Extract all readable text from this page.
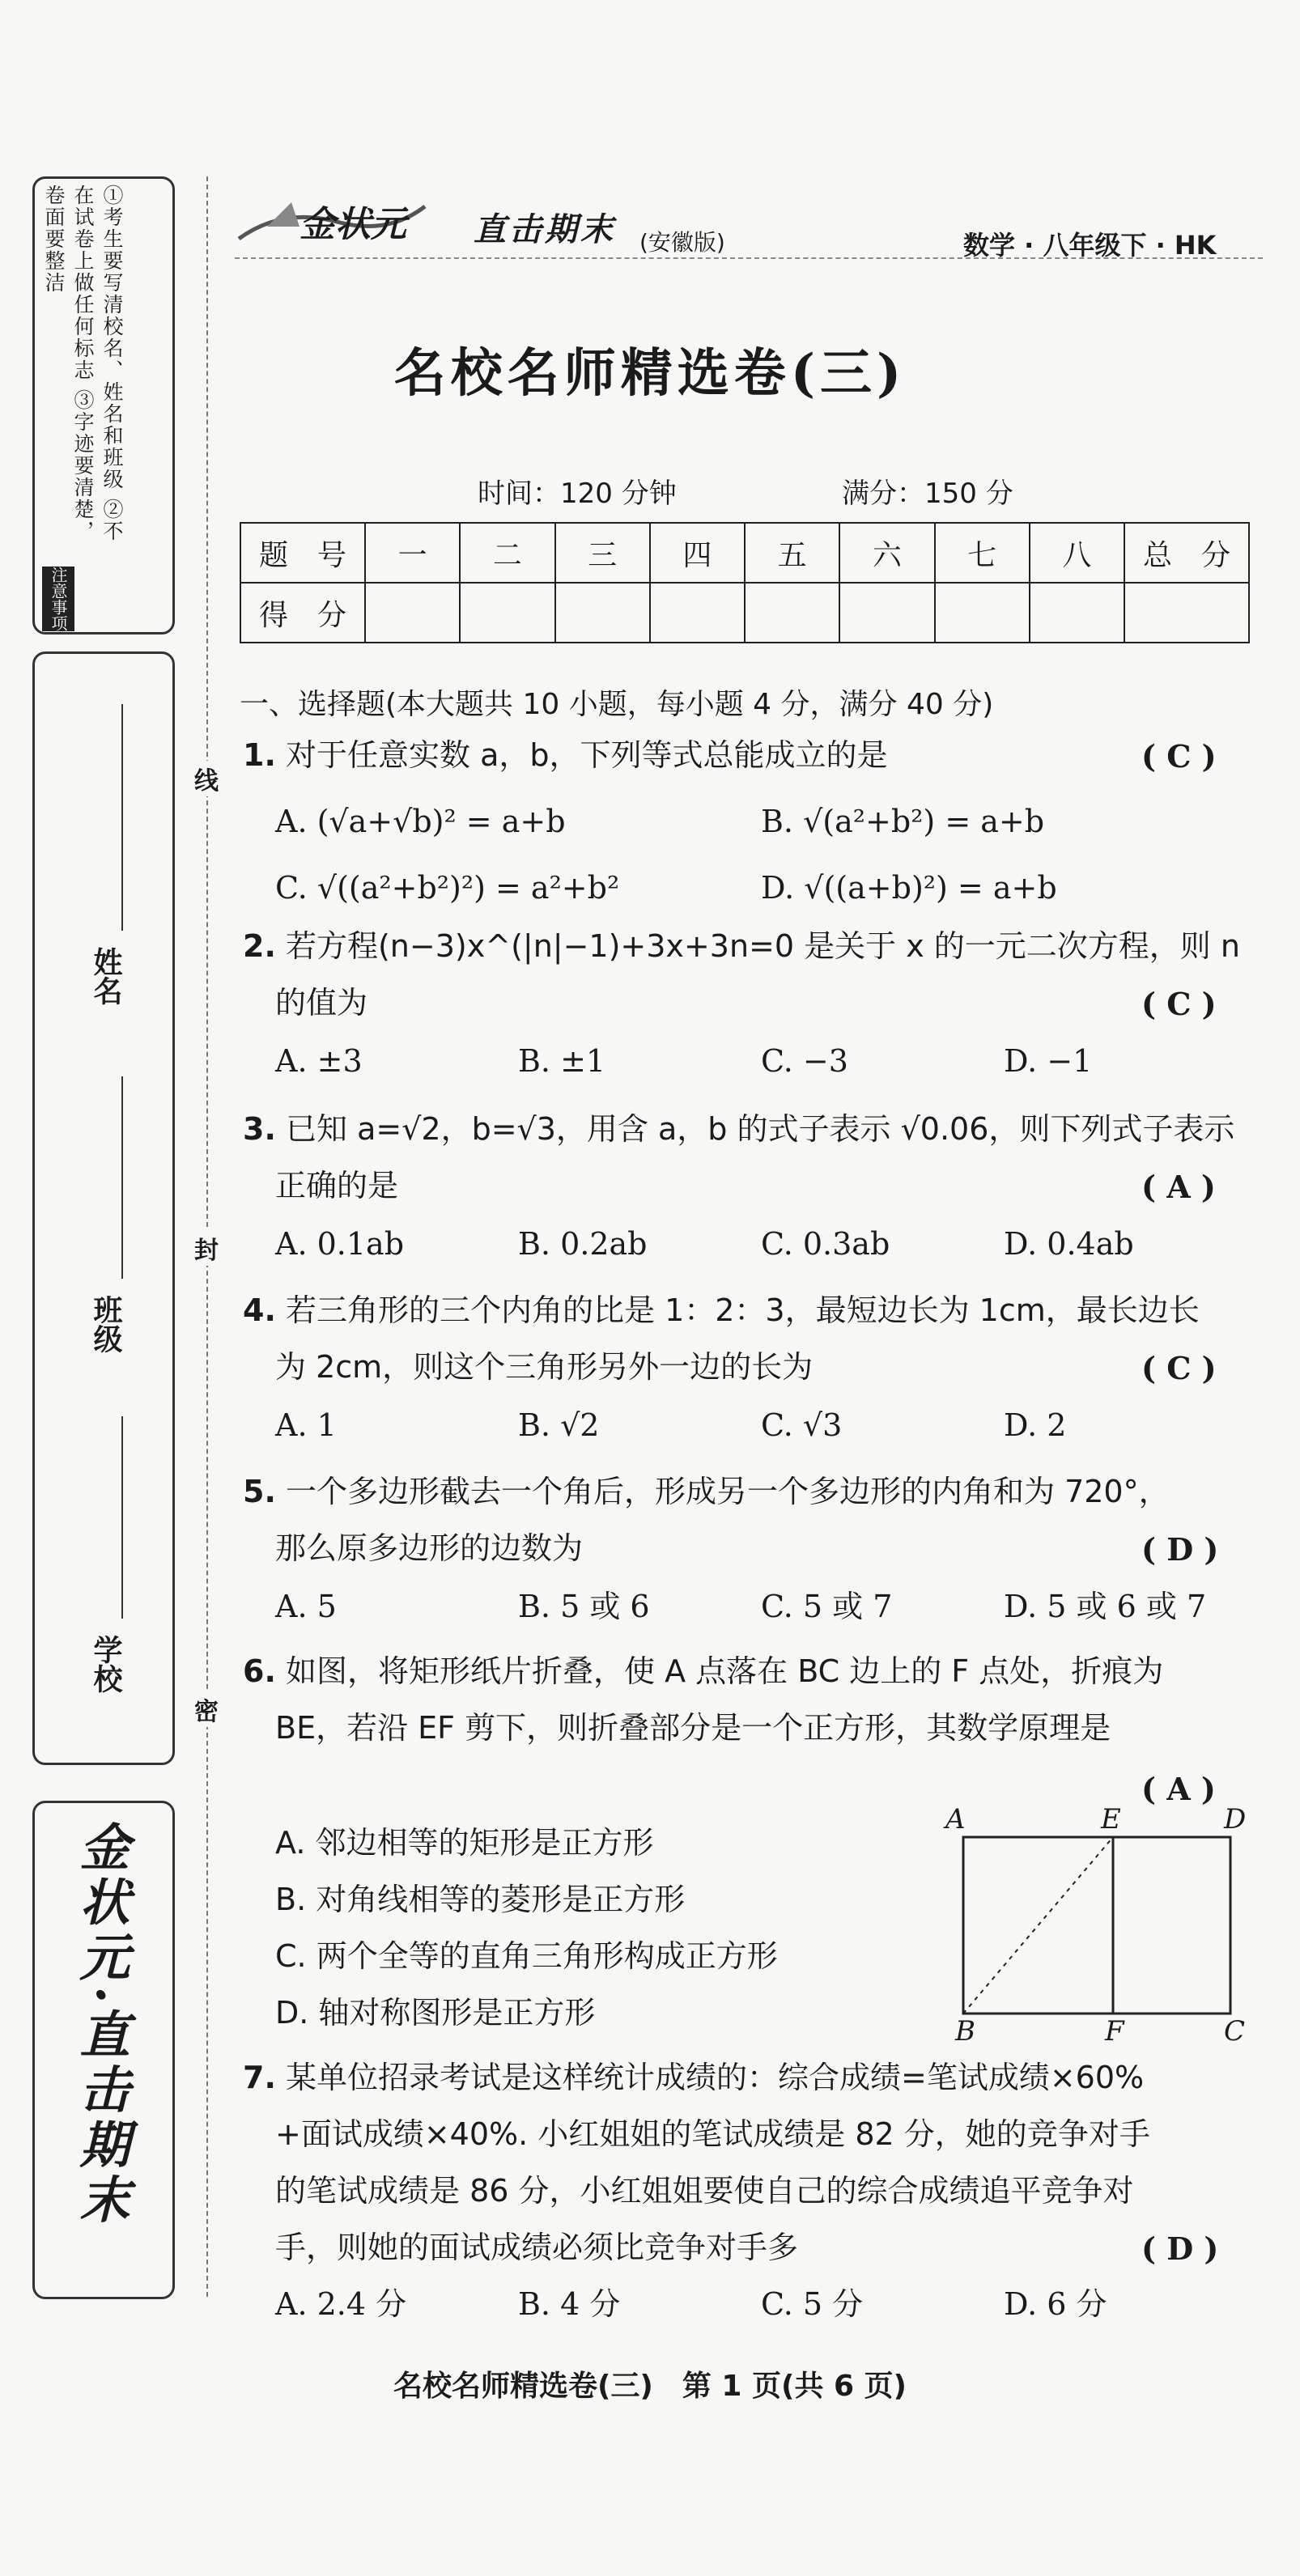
①考生要写清校名、姓名和班级 ②不在试卷上做任何标志 ③字迹要清楚，卷面要整洁
注意事项
姓名
班级
学校
金状元·直击期末
线
封
密
金状元 直击期末 (安徽版)	数学 · 八年级下 · HK
名校名师精选卷(三)
时间：120 分钟	满分：150 分
题　号	一	二	三	四	五	六	七	八	总　分
得　分									
一、选择题(本大题共 10 小题，每小题 4 分，满分 40 分)
1. 对于任意实数 a，b，下列等式总能成立的是	( C )
A. (√a+√b)² = a+b	B. √(a²+b²) = a+b
C. √((a²+b²)²) = a²+b²	D. √((a+b)²) = a+b
2. 若方程(n−3)x^(|n|−1)+3x+3n=0 是关于 x 的一元二次方程，则 n
的值为	( C )
A. ±3	B. ±1	C. −3	D. −1
3. 已知 a=√2，b=√3，用含 a，b 的式子表示 √0.06，则下列式子表示
正确的是	( A )
A. 0.1ab	B. 0.2ab	C. 0.3ab	D. 0.4ab
4. 若三角形的三个内角的比是 1：2：3，最短边长为 1cm，最长边长
为 2cm，则这个三角形另外一边的长为	( C )
A. 1	B. √2	C. √3	D. 2
5. 一个多边形截去一个角后，形成另一个多边形的内角和为 720°，
那么原多边形的边数为	( D )
A. 5	B. 5 或 6	C. 5 或 7	D. 5 或 6 或 7
6. 如图，将矩形纸片折叠，使 A 点落在 BC 边上的 F 点处，折痕为
BE，若沿 EF 剪下，则折叠部分是一个正方形，其数学原理是
( A )
A. 邻边相等的矩形是正方形
B. 对角线相等的菱形是正方形
C. 两个全等的直角三角形构成正方形
D. 轴对称图形是正方形
A	E	D
B	F	C
7. 某单位招录考试是这样统计成绩的：综合成绩=笔试成绩×60%
+面试成绩×40%. 小红姐姐的笔试成绩是 82 分，她的竞争对手
的笔试成绩是 86 分，小红姐姐要使自己的综合成绩追平竞争对
手，则她的面试成绩必须比竞争对手多	( D )
A. 2.4 分	B. 4 分	C. 5 分	D. 6 分
名校名师精选卷(三)　第 1 页(共 6 页)
